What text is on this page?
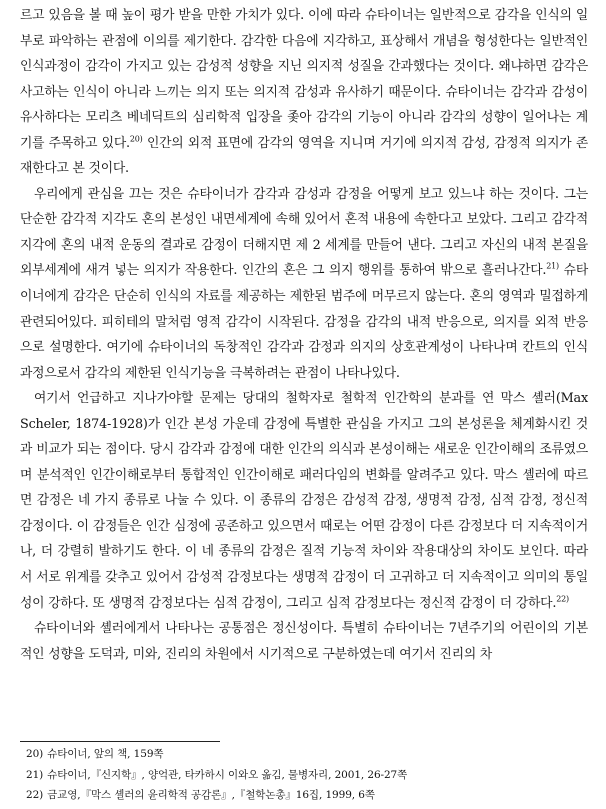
르고 있음을 볼 때 높이 평가 받을 만한 가치가 있다. 이에 따라 슈타이너는 일반적으로 감각을 인식의 일부로 파악하는 관점에 이의를 제기한다. 감각한 다음에 지각하고, 표상해서 개념을 형성한다는 일반적인 인식과정이 감각이 가지고 있는 감성적 성향을 지닌 의지적 성질을 간과했다는 것이다. 왜냐하면 감각은 사고하는 인식이 아니라 느끼는 의지 또는 의지적 감성과 유사하기 때문이다. 슈타이너는 감각과 감성이 유사하다는 모리츠 베네딕트의 심리학적 입장을 좇아 감각의 기능이 아니라 감각의 성향이 일어나는 계기를 주목하고 있다.$^{20)}$ 인간의 외적 표면에 감각의 영역을 지니며 거기에 의지적 감성, 감정적 의지가 존재한다고 본 것이다.

우리에게 관심을 끄는 것은 슈타이너가 감각과 감성과 감정을 어떻게 보고 있느냐 하는 것이다. 그는 단순한 감각적 지각도 혼의 본성인 내면세계에 속해 있어서 혼적 내용에 속한다고 보았다. 그리고 감각적 지각에 혼의 내적 운동의 결과로 감정이 더해지면 제 2 세계를 만들어 낸다. 그리고 자신의 내적 본질을 외부세계에 새겨 넣는 의지가 작용한다. 인간의 혼은 그 의지 행위를 통하여 밖으로 흘러나간다.$^{21)}$ 슈타이너에게 감각은 단순히 인식의 자료를 제공하는 제한된 범주에 머무르지 않는다. 혼의 영역과 밀접하게 관련되어있다. 피히테의 말처럼 영적 감각이 시작된다. 감정을 감각의 내적 반응으로, 의지를 외적 반응으로 설명한다. 여기에 슈타이너의 독창적인 감각과 감정과 의지의 상호관계성이 나타나며 칸트의 인식과정으로서 감각의 제한된 인식기능을 극복하려는 관점이 나타나있다.

여기서 언급하고 지나가야할 문제는 당대의 철학자로 철학적 인간학의 분과를 연 막스 셸러(Max Scheler, 1874-1928)가 인간 본성 가운데 감정에 특별한 관심을 가지고 그의 본성론을 체계화시킨 것과 비교가 되는 점이다. 당시 감각과 감정에 대한 인간의 의식과 본성이해는 새로운 인간이해의 조류였으며 분석적인 인간이해로부터 통합적인 인간이해로 패러다임의 변화를 알려주고 있다. 막스 셸러에 따르면 감정은 네 가지 종류로 나눌 수 있다. 이 종류의 감정은 감성적 감정, 생명적 감정, 심적 감정, 정신적 감정이다. 이 감정들은 인간 심정에 공존하고 있으면서 때로는 어떤 감정이 다른 감정보다 더 지속적이거나, 더 강렬히 발하기도 한다. 이 네 종류의 감정은 질적 기능적 차이와 작용대상의 차이도 보인다. 따라서 서로 위계를 갖추고 있어서 감성적 감정보다는 생명적 감정이 더 고귀하고 더 지속적이고 의미의 통일성이 강하다. 또 생명적 감정보다는 심적 감정이, 그리고 심적 감정보다는 정신적 감정이 더 강하다.$^{22)}$

슈타이너와 셸러에게서 나타나는 공통점은 정신성이다. 특별히 슈타이너는 7년주기의 어린이의 기본적인 성향을 도덕과, 미와, 진리의 차원에서 시기적으로 구분하였는데 여기서 진리의 차

20) 슈타이너, 앞의 책, 159쪽
21) 슈타이너,『신지학』, 양억관, 타카하시 이와오 옮김, 물병자리, 2001, 26-27쪽
22) 금교영,『막스 셸러의 윤리학적 공감론』,『철학논총』16집, 1999, 6쪽
